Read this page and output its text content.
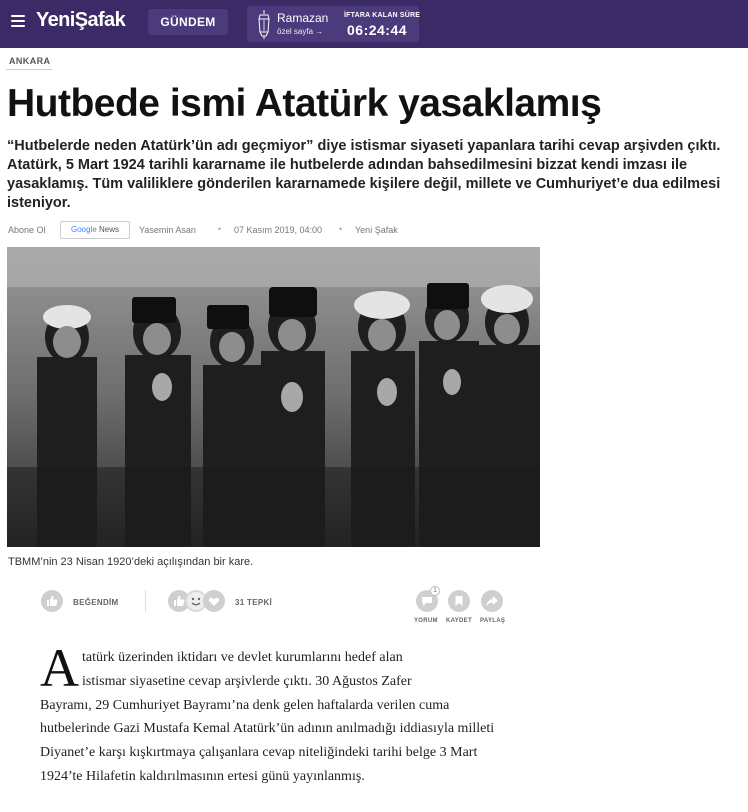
YeniŞafak	GÜNDEM	Ramazan
özel sayfa →
İFTARA KALAN SÜRE
06:24:44
ANKARA
Hutbede ismi Atatürk yasaklamış

“Hutbelerde neden Atatürk’ün adı geçmiyor” diye istismar siyaseti yapanlara tarihi cevap arşivden çıktı. Atatürk, 5 Mart 1924 tarihli kararname ile hutbelerde adından bahsedilmesini bizzat kendi imzası ile yasaklamış. Tüm valiliklere gönderilen kararnamede kişilere değil, millete ve Cumhuriyet’e dua edilmesi isteniyor.

Abone Ol	Google News	Yasemin Asan • 07 Kasım 2019, 04:00 • Yeni Şafak
TBMM’nin 23 Nisan 1920’deki açılışından bir kare.
BEĞENDİM	31 TEPKİ
1
YORUM KAYDET PAYLAŞ
A tatürk üzerinden iktidarı ve devlet kurumlarını hedef alan
istismar siyasetine cevap arşivlerde çıktı. 30 Ağustos Zafer
Bayramı, 29 Cumhuriyet Bayramı’na denk gelen haftalarda verilen cuma hutbelerinde Gazi Mustafa Kemal Atatürk’ün adının anılmadığı iddiasıyla milleti Diyanet’e karşı kışkırtmaya çalışanlara cevap niteliğindeki tarihi belge 3 Mart 1924’te Hilafetin kaldırılmasının ertesi günü yayınlanmış.
